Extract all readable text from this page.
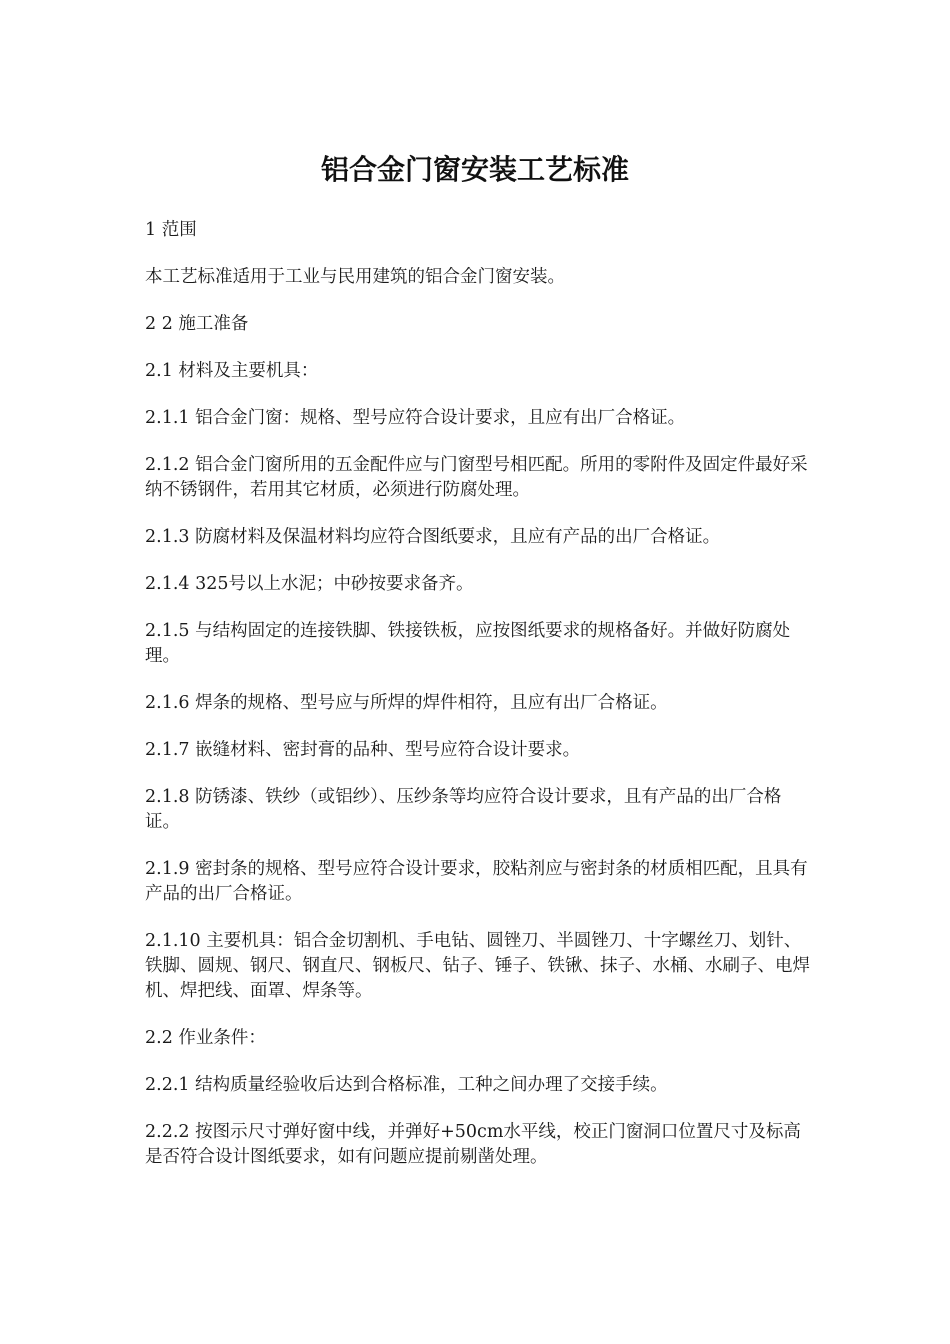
铝合金门窗安装工艺标准

1 范围

本工艺标准适用于工业与民用建筑的铝合金门窗安装。

2 2 施工准备

2.1 材料及主要机具：

2.1.1 铝合金门窗：规格、型号应符合设计要求，且应有出厂合格证。

2.1.2 铝合金门窗所用的五金配件应与门窗型号相匹配。所用的零附件及固定件最好采纳不锈钢件，若用其它材质，必须进行防腐处理。

2.1.3 防腐材料及保温材料均应符合图纸要求，且应有产品的出厂合格证。

2.1.4 325号以上水泥；中砂按要求备齐。

2.1.5 与结构固定的连接铁脚、铁接铁板，应按图纸要求的规格备好。并做好防腐处理。

2.1.6 焊条的规格、型号应与所焊的焊件相符，且应有出厂合格证。

2.1.7 嵌缝材料、密封膏的品种、型号应符合设计要求。

2.1.8 防锈漆、铁纱（或铝纱）、压纱条等均应符合设计要求，且有产品的出厂合格证。

2.1.9 密封条的规格、型号应符合设计要求，胶粘剂应与密封条的材质相匹配，且具有产品的出厂合格证。

2.1.10 主要机具：铝合金切割机、手电钻、圆锉刀、半圆锉刀、十字螺丝刀、划针、铁脚、圆规、钢尺、钢直尺、钢板尺、钻子、锤子、铁锹、抹子、水桶、水刷子、电焊机、焊把线、面罩、焊条等。

2.2 作业条件：

2.2.1 结构质量经验收后达到合格标准，工种之间办理了交接手续。

2.2.2 按图示尺寸弹好窗中线，并弹好+50cm水平线，校正门窗洞口位置尺寸及标高是否符合设计图纸要求，如有问题应提前剔凿处理。
